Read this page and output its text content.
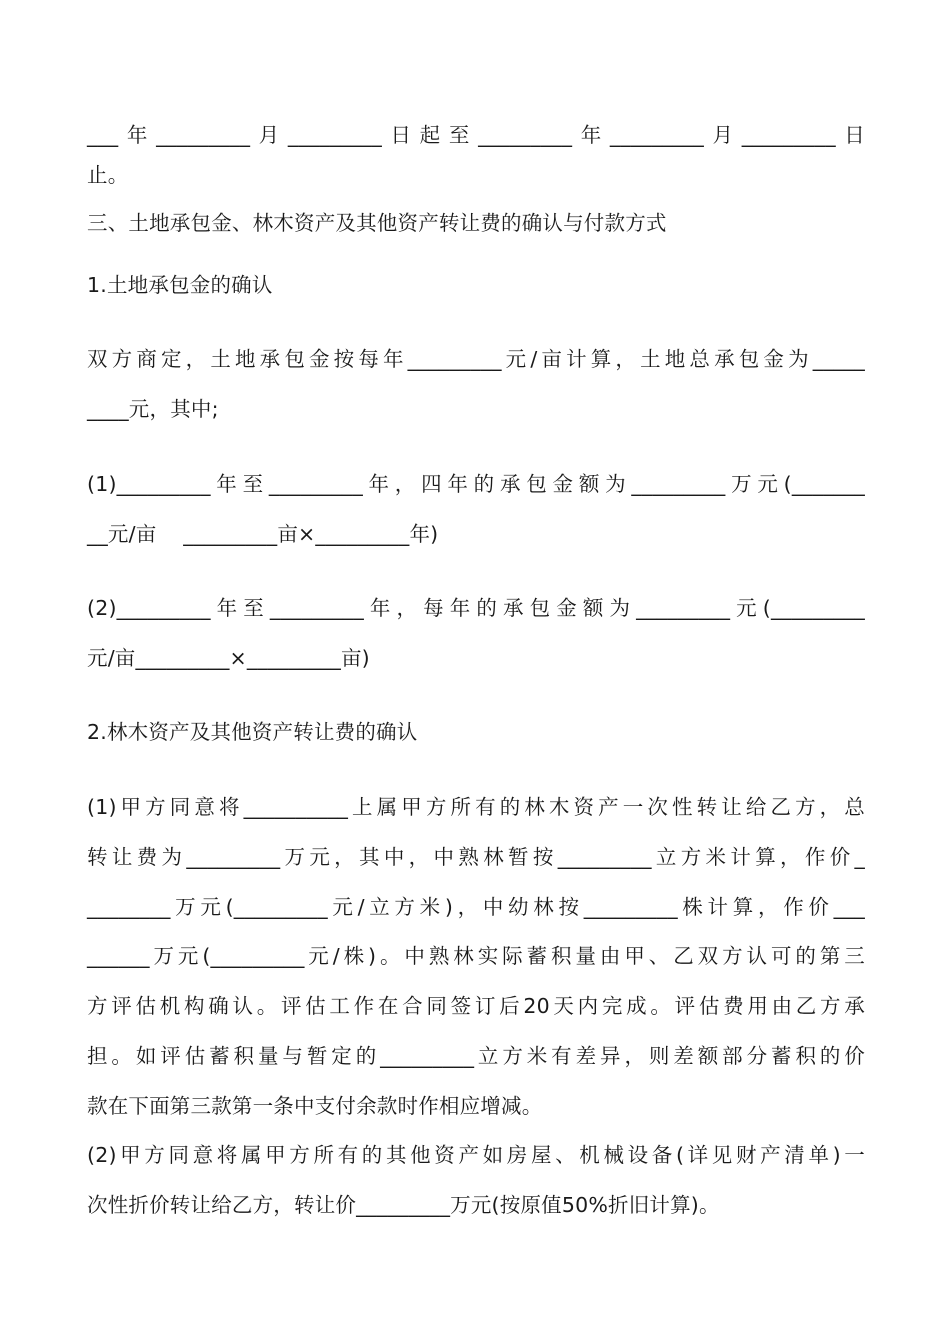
___年_________月_________日起至_________年_________月_________日
止。
三、土地承包金、林木资产及其他资产转让费的确认与付款方式
1.土地承包金的确认
双方商定，土地承包金按每年_________元/亩计算，土地总承包金为_____
____元，其中;
(1)_________年至_________年，四年的承包金额为_________万元(_______
__元/亩    _________亩×_________年)
(2)_________年至_________年，每年的承包金额为_________元(_________
元/亩_________×_________亩)
2.林木资产及其他资产转让费的确认
(1)甲方同意将__________上属甲方所有的林木资产一次性转让给乙方，总
转让费为_________万元，其中，中熟林暂按_________立方米计算，作价_
________万元(_________元/立方米)，中幼林按_________株计算，作价___
______万元(_________元/株)。中熟林实际蓄积量由甲、乙双方认可的第三
方评估机构确认。评估工作在合同签订后20天内完成。评估费用由乙方承
担。如评估蓄积量与暂定的_________立方米有差异，则差额部分蓄积的价
款在下面第三款第一条中支付余款时作相应增减。
(2)甲方同意将属甲方所有的其他资产如房屋、机械设备(详见财产清单)一
次性折价转让给乙方，转让价_________万元(按原值50%折旧计算)。
